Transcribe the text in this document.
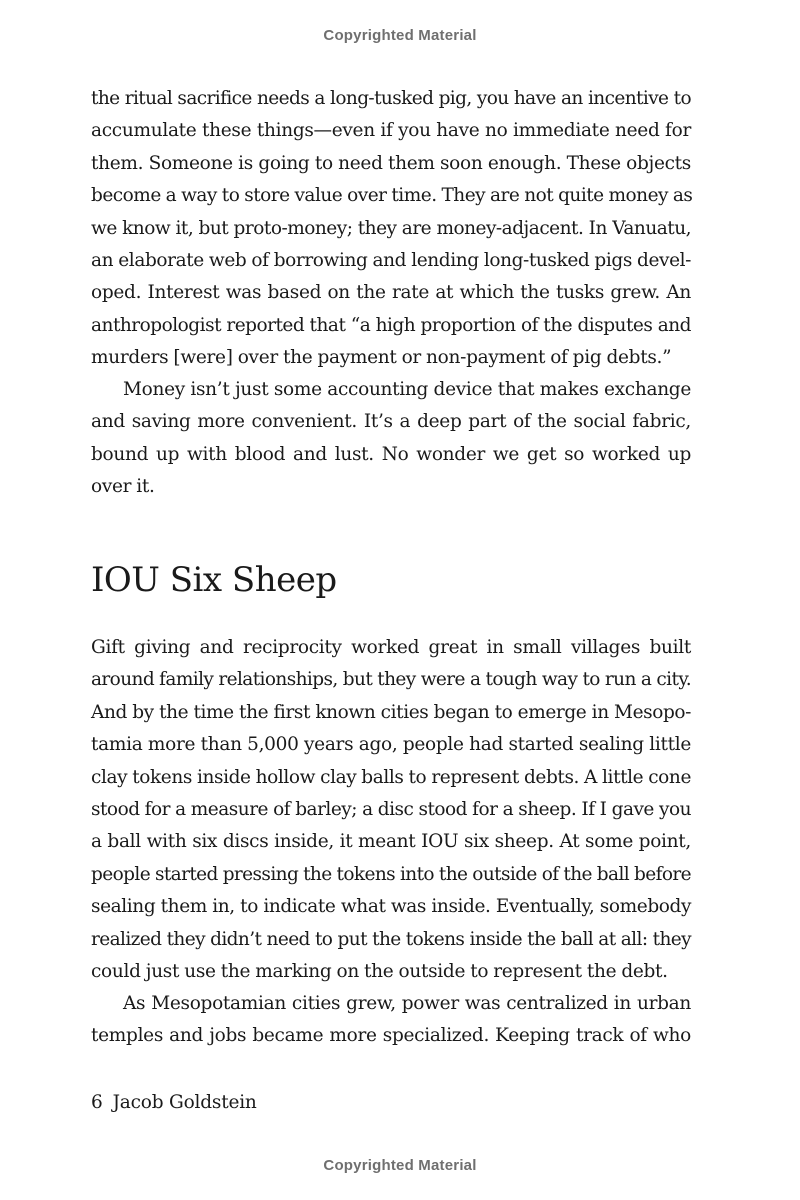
Copyrighted Material
the ritual sacrifice needs a long-tusked pig, you have an incentive to
accumulate these things—even if you have no immediate need for
them. Someone is going to need them soon enough. These objects
become a way to store value over time. They are not quite money as
we know it, but proto-money; they are money-adjacent. In Vanuatu,
an elaborate web of borrowing and lending long-tusked pigs devel-
oped. Interest was based on the rate at which the tusks grew. An
anthropologist reported that “a high proportion of the disputes and
murders [were] over the payment or non-payment of pig debts.”
Money isn’t just some accounting device that makes exchange
and saving more convenient. It’s a deep part of the social fabric,
bound up with blood and lust. No wonder we get so worked up
over it.
IOU Six Sheep
Gift giving and reciprocity worked great in small villages built
around family relationships, but they were a tough way to run a city.
And by the time the first known cities began to emerge in Mesopo-
tamia more than 5,000 years ago, people had started sealing little
clay tokens inside hollow clay balls to represent debts. A little cone
stood for a measure of barley; a disc stood for a sheep. If I gave you
a ball with six discs inside, it meant IOU six sheep. At some point,
people started pressing the tokens into the outside of the ball before
sealing them in, to indicate what was inside. Eventually, somebody
realized they didn’t need to put the tokens inside the ball at all: they
could just use the marking on the outside to represent the debt.
As Mesopotamian cities grew, power was centralized in urban
temples and jobs became more specialized. Keeping track of who
6 Jacob Goldstein
Copyrighted Material
